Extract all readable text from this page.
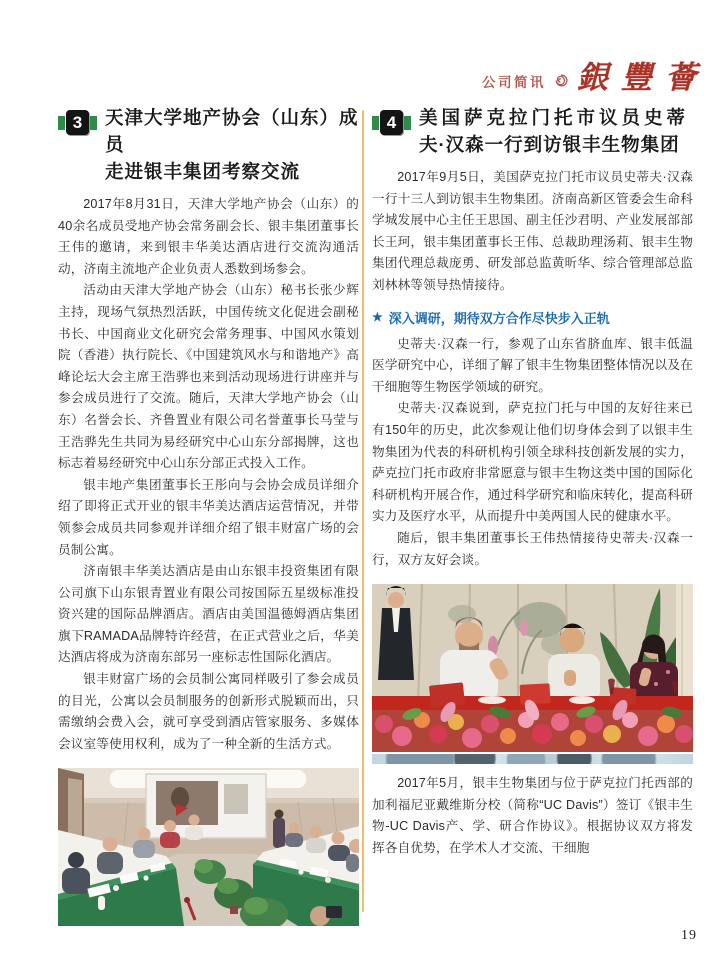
公司简讯 銀豐薈
3	天津大学地产协会（山东）成员
走进银丰集团考察交流

2017年8月31日，天津大学地产协会（山东）的40余名成员受地产协会常务副会长、银丰集团董事长王伟的邀请，来到银丰华美达酒店进行交流沟通活动，济南主流地产企业负责人悉数到场参会。

活动由天津大学地产协会（山东）秘书长张少辉主持，现场气氛热烈活跃，中国传统文化促进会副秘书长、中国商业文化研究会常务理事、中国风水策划院（香港）执行院长、《中国建筑风水与和谐地产》高峰论坛大会主席王浩骅也来到活动现场进行讲座并与参会成员进行了交流。随后，天津大学地产协会（山东）名誉会长、齐鲁置业有限公司名誉董事长马莹与王浩骅先生共同为易经研究中心山东分部揭牌，这也标志着易经研究中心山东分部正式投入工作。

银丰地产集团董事长王彤向与会协会成员详细介绍了即将正式开业的银丰华美达酒店运营情况，并带领参会成员共同参观并详细介绍了银丰财富广场的会员制公寓。

济南银丰华美达酒店是由山东银丰投资集团有限公司旗下山东银青置业有限公司按国际五星级标准投资兴建的国际品牌酒店。酒店由美国温德姆酒店集团旗下RAMADA品牌特许经营，在正式营业之后，华美达酒店将成为济南东部另一座标志性国际化酒店。

银丰财富广场的会员制公寓同样吸引了参会成员的目光，公寓以会员制服务的创新形式脱颖而出，只需缴纳会费入会，就可享受到酒店管家服务、多媒体会议室等使用权利，成为了一种全新的生活方式。

4	美国萨克拉门托市议员史蒂
夫·汉森一行到访银丰生物集团

2017年9月5日，美国萨克拉门托市议员史蒂夫·汉森一行十三人到访银丰生物集团。济南高新区管委会生命科学城发展中心主任王思国、副主任沙君明、产业发展部部长王珂，银丰集团董事长王伟、总裁助理汤莉、银丰生物集团代理总裁庞勇、研发部总监黄昕华、综合管理部总监刘林林等领导热情接待。

★ 深入调研，期待双方合作尽快步入正轨

史蒂夫·汉森一行，参观了山东省脐血库、银丰低温医学研究中心，详细了解了银丰生物集团整体情况以及在干细胞等生物医学领域的研究。

史蒂夫·汉森说到，萨克拉门托与中国的友好往来已有150年的历史，此次参观让他们切身体会到了以银丰生物集团为代表的科研机构引领全球科技创新发展的实力，萨克拉门托市政府非常愿意与银丰生物这类中国的国际化科研机构开展合作，通过科学研究和临床转化，提高科研实力及医疗水平，从而提升中美两国人民的健康水平。

随后，银丰集团董事长王伟热情接待史蒂夫·汉森一行，双方友好会谈。

2017年5月，银丰生物集团与位于萨克拉门托西部的加利福尼亚戴维斯分校（简称“UC Davis”）签订《银丰生物-UC Davis产、学、研合作协议》。根据协议双方将发挥各自优势，在学术人才交流、干细胞

19
